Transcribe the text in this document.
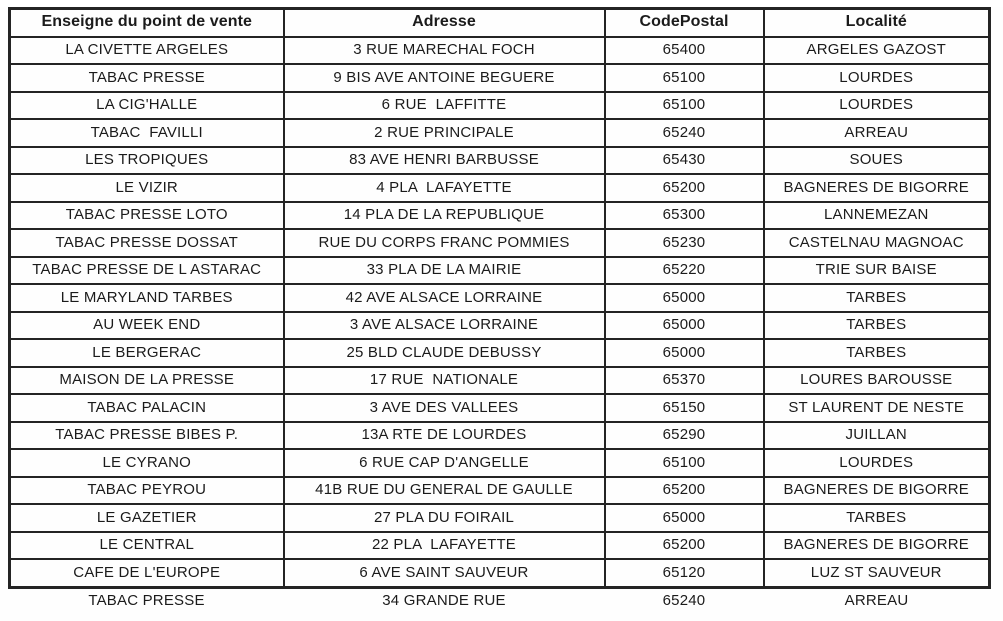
Enseigne du point de vente	Adresse	CodePostal	Localité
LA CIVETTE ARGELES	3 RUE MARECHAL FOCH	65400	ARGELES GAZOST
TABAC PRESSE	9 BIS AVE ANTOINE BEGUERE	65100	LOURDES
LA CIG'HALLE	6 RUE  LAFFITTE	65100	LOURDES
TABAC  FAVILLI	2 RUE PRINCIPALE	65240	ARREAU
LES TROPIQUES	83 AVE HENRI BARBUSSE	65430	SOUES
LE VIZIR	4 PLA  LAFAYETTE	65200	BAGNERES DE BIGORRE
TABAC PRESSE LOTO	14 PLA DE LA REPUBLIQUE	65300	LANNEMEZAN
TABAC PRESSE DOSSAT	RUE DU CORPS FRANC POMMIES	65230	CASTELNAU MAGNOAC
TABAC PRESSE DE L ASTARAC	33 PLA DE LA MAIRIE	65220	TRIE SUR BAISE
LE MARYLAND TARBES	42 AVE ALSACE LORRAINE	65000	TARBES
AU WEEK END	3 AVE ALSACE LORRAINE	65000	TARBES
LE BERGERAC	25 BLD CLAUDE DEBUSSY	65000	TARBES
MAISON DE LA PRESSE	17 RUE  NATIONALE	65370	LOURES BAROUSSE
TABAC PALACIN	3 AVE DES VALLEES	65150	ST LAURENT DE NESTE
TABAC PRESSE BIBES P.	13A RTE DE LOURDES	65290	JUILLAN
LE CYRANO	6 RUE CAP D'ANGELLE	65100	LOURDES
TABAC PEYROU	41B RUE DU GENERAL DE GAULLE	65200	BAGNERES DE BIGORRE
LE GAZETIER	27 PLA DU FOIRAIL	65000	TARBES
LE CENTRAL	22 PLA  LAFAYETTE	65200	BAGNERES DE BIGORRE
CAFE DE L'EUROPE	6 AVE SAINT SAUVEUR	65120	LUZ ST SAUVEUR
TABAC PRESSE	34 GRANDE RUE	65240	ARREAU
